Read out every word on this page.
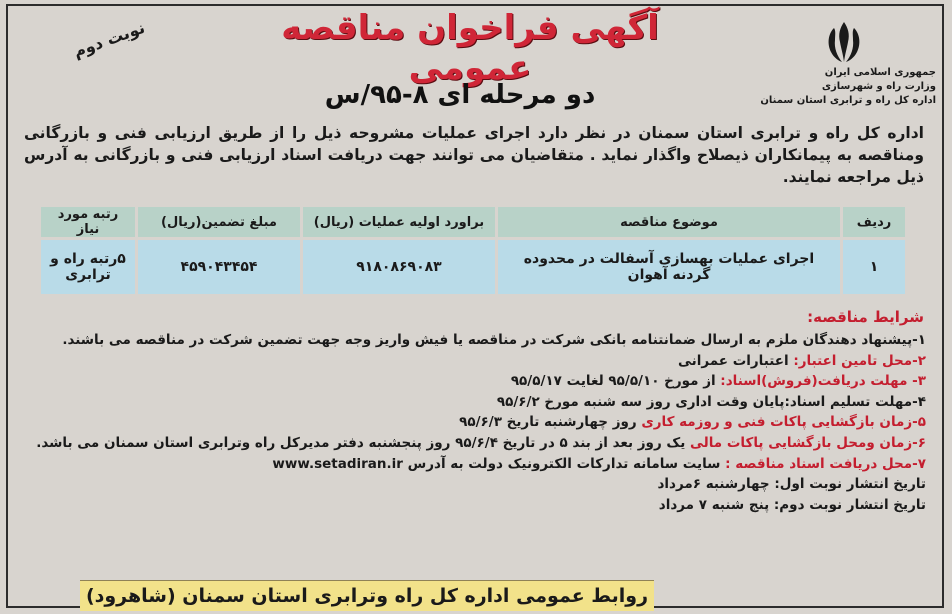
جمهوری اسلامی ایران
وزارت راه و شهرسازی
اداره کل راه و ترابری استان سمنان
آگهی فراخوان مناقصه عمومی
دو مرحله ای ۸-۹۵/س
نوبت دوم
اداره کل راه و ترابری استان سمنان در نظر دارد اجرای عملیات مشروحه ذیل را از طریق ارزیابی فنی و بازرگانی ومناقصه به پیمانکاران ذیصلاح واگذار نماید . متقاضیان می توانند جهت دریافت اسناد ارزیابی فنی و بازرگانی به آدرس ذیل مراجعه نمایند.
ردیف	موضوع مناقصه	براورد اولیه عملیات (ریال)	مبلغ تضمین(ریال)	رتبه مورد نیاز
۱	اجرای عملیات بهسازی آسفالت در محدوده گردنه آهوان	۹۱۸۰۸۶۹۰۸۳	۴۵۹۰۴۳۴۵۴	۵رتبه راه و ترابری
شرایط مناقصه:
۱-پیشنهاد دهندگان ملزم به ارسال ضمانتنامه بانکی شرکت در مناقصه یا فیش واریز وجه جهت تضمین شرکت در مناقصه می باشند.
۲-محل تامین اعتبار: اعتبارات عمرانی
۳- مهلت دریافت(فروش)اسناد: از مورخ ۹۵/۵/۱۰ لغایت ۹۵/۵/۱۷
۴-مهلت تسلیم اسناد:پایان وقت اداری روز سه شنبه مورخ ۹۵/۶/۲
۵-زمان بازگشایی پاکات فنی و روزمه کاری روز چهارشنبه تاریخ ۹۵/۶/۳
۶-زمان ومحل بازگشایی پاکات مالی یک روز بعد از بند ۵ در تاریخ ۹۵/۶/۴ روز پنجشنبه دفتر مدیرکل راه وترابری استان سمنان می باشد.
۷-محل دریافت اسناد مناقصه : سایت سامانه تدارکات الکترونیک دولت به آدرس www.setadiran.ir
تاریخ انتشار نوبت اول: چهارشنبه ۶مرداد
تاریخ انتشار نوبت دوم: پنج شنبه ۷ مرداد
روابط عمومی اداره کل راه وترابری استان سمنان (شاهرود)
